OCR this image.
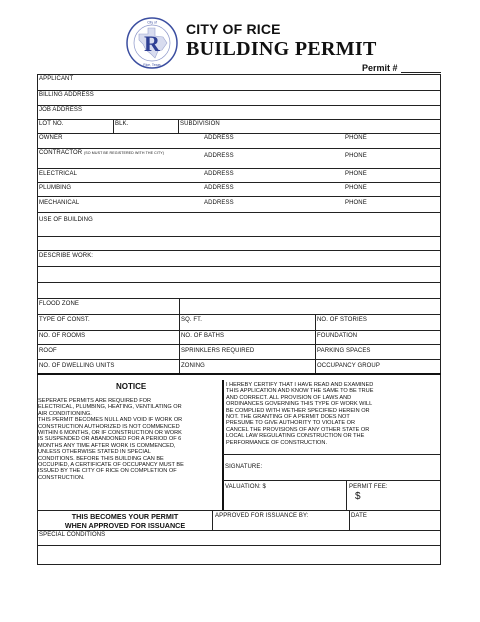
R
City of
Rice, Texas
CITY OF RICE
BUILDING PERMIT
Permit #
APPLICANT
BILLING ADDRESS
JOB ADDRESS
LOT NO.	BLK.	SUBDIVISION
OWNER	ADDRESS	PHONE
CONTRACTOR (SO MUST BE REGISTERED WITH THE CITY)	ADDRESS	PHONE
ELECTRICAL	ADDRESS	PHONE
PLUMBING	ADDRESS	PHONE
MECHANICAL	ADDRESS	PHONE
USE OF BUILDING
DESCRIBE WORK:
FLOOD ZONE
TYPE OF CONST.	SQ. FT.	NO. OF STORIES
NO. OF ROOMS	NO. OF BATHS	FOUNDATION
ROOF	SPRINKLERS REQUIRED	PARKING SPACES
NO. OF DWELLING UNITS	ZONING	OCCUPANCY GROUP
NOTICE
SEPERATE PERMITS ARE REQUIRED FOR
ELECTRICAL, PLUMBING, HEATING, VENTILATING OR
AIR CONDITIONING.
THIS PERMIT BECOMES NULL AND VOID IF WORK OR
CONSTRUCTION AUTHORIZED IS NOT COMMENCED
WITHIN 6 MONTHS, OR IF CONSTRUCTION OR WORK
IS SUSPENDED OR ABANDONED FOR A PERIOD OF 6
MONTHS ANY TIME AFTER WORK IS COMMENCED,
UNLESS OTHERWISE STATED IN SPECIAL
CONDITIONS. BEFORE THIS BUILDING CAN BE
OCCUPIED, A CERTIFICATE OF OCCUPANCY MUST BE
ISSUED BY THE CITY OF RICE ON COMPLETION OF
CONSTRUCTION.
I HEREBY CERTIFY THAT I HAVE READ AND EXAMINED
THIS APPLICATION AND KNOW THE SAME TO BE TRUE
AND CORRECT. ALL PROVISION OF LAWS AND
ORDINANCES GOVERNING THIS TYPE OF WORK WILL
BE COMPLIED WITH WETHER SPECIFIED HEREIN OR
NOT. THE GRANTING OF A PERMIT DOES NOT
PRESUME TO GIVE AUTHORITY TO VIOLATE OR
CANCEL THE PROVISIONS OF ANY OTHER STATE OR
LOCAL LAW REGULATING CONSTRUCTION OR THE
PERFORMANCE OF CONSTRUCTION.
SIGNATURE:
VALUATION: $	PERMIT FEE:
$
THIS BECOMES YOUR PERMIT
WHEN APPROVED FOR ISSUANCE
APPROVED FOR ISSUANCE BY:	DATE
SPECIAL CONDITIONS
